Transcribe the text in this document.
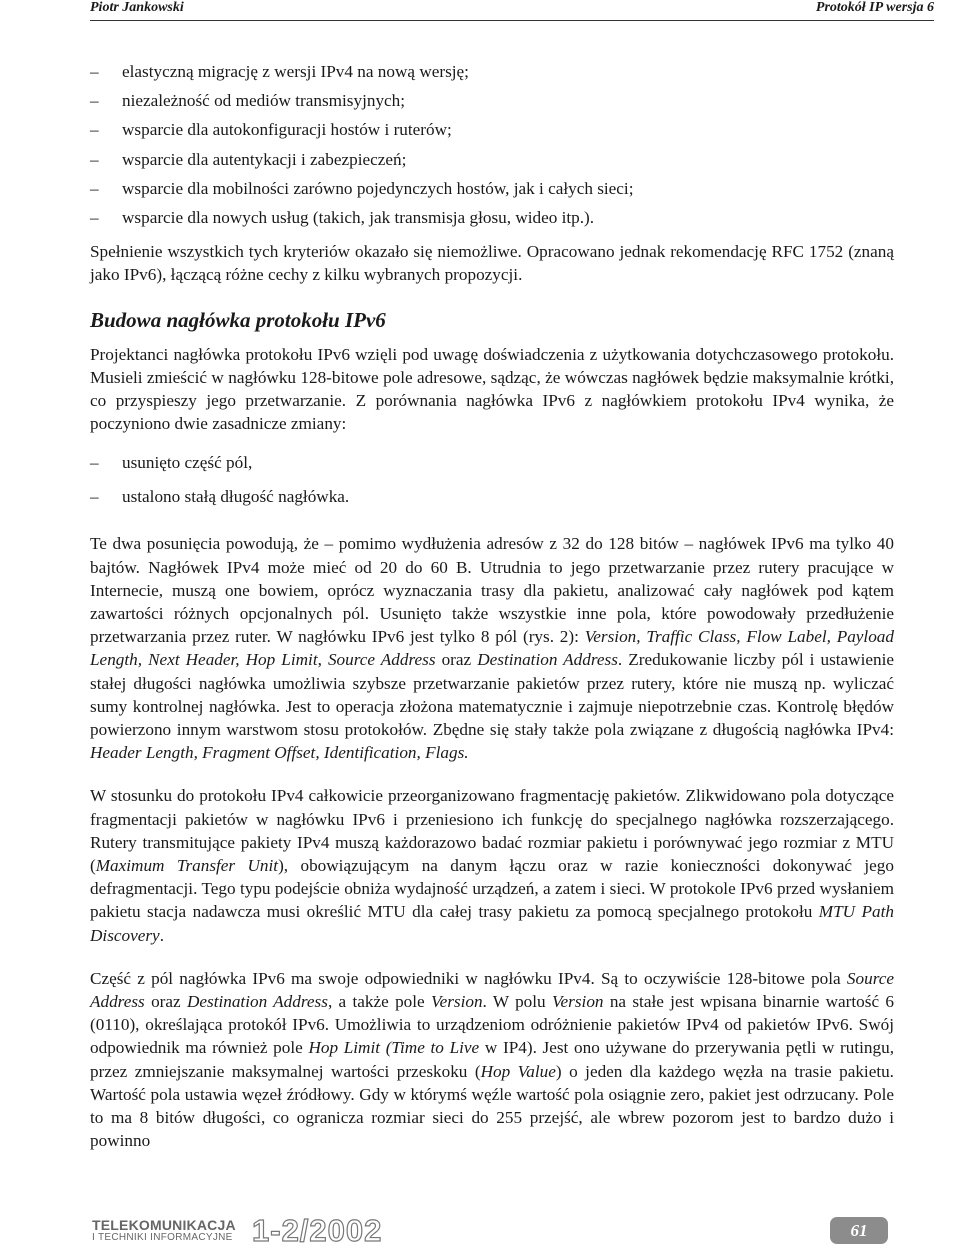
Piotr Jankowski	Protokół IP wersja 6
– elastyczną migrację z wersji IPv4 na nową wersję;
– niezależność od mediów transmisyjnych;
– wsparcie dla autokonfiguracji hostów i ruterów;
– wsparcie dla autentykacji i zabezpieczeń;
– wsparcie dla mobilności zarówno pojedynczych hostów, jak i całych sieci;
– wsparcie dla nowych usług (takich, jak transmisja głosu, wideo itp.).

Spełnienie wszystkich tych kryteriów okazało się niemożliwe. Opracowano jednak rekomendację RFC 1752 (znaną jako IPv6), łączącą różne cechy z kilku wybranych propozycji.

Budowa nagłówka protokołu IPv6

Projektanci nagłówka protokołu IPv6 wzięli pod uwagę doświadczenia z użytkowania dotychczasowego protokołu. Musieli zmieścić w nagłówku 128-bitowe pole adresowe, sądząc, że wówczas nagłówek będzie maksymalnie krótki, co przyspieszy jego przetwarzanie. Z porównania nagłówka IPv6 z nagłówkiem protokołu IPv4 wynika, że poczyniono dwie zasadnicze zmiany:

– usunięto część pól,
– ustalono stałą długość nagłówka.

Te dwa posunięcia powodują, że – pomimo wydłużenia adresów z 32 do 128 bitów – nagłówek IPv6 ma tylko 40 bajtów. Nagłówek IPv4 może mieć od 20 do 60 B. Utrudnia to jego przetwarzanie przez rutery pracujące w Internecie, muszą one bowiem, oprócz wyznaczania trasy dla pakietu, analizować cały nagłówek pod kątem zawartości różnych opcjonalnych pól. Usunięto także wszystkie inne pola, które powodowały przedłużenie przetwarzania przez ruter. W nagłówku IPv6 jest tylko 8 pól (rys. 2): Version, Traffic Class, Flow Label, Payload Length, Next Header, Hop Limit, Source Address oraz Destination Address. Zredukowanie liczby pól i ustawienie stałej długości nagłówka umożliwia szybsze przetwarzanie pakietów przez rutery, które nie muszą np. wyliczać sumy kontrolnej nagłówka. Jest to operacja złożona matematycznie i zajmuje niepotrzebnie czas. Kontrolę błędów powierzono innym warstwom stosu protokołów. Zbędne się stały także pola związane z długością nagłówka IPv4: Header Length, Fragment Offset, Identification, Flags.

W stosunku do protokołu IPv4 całkowicie przeorganizowano fragmentację pakietów. Zlikwidowano pola dotyczące fragmentacji pakietów w nagłówku IPv6 i przeniesiono ich funkcję do specjalnego nagłówka rozszerzającego. Rutery transmitujące pakiety IPv4 muszą każdorazowo badać rozmiar pakietu i porównywać jego rozmiar z MTU (Maximum Transfer Unit), obowiązującym na danym łączu oraz w razie konieczności dokonywać jego defragmentacji. Tego typu podejście obniża wydajność urządzeń, a zatem i sieci. W protokole IPv6 przed wysłaniem pakietu stacja nadawcza musi określić MTU dla całej trasy pakietu za pomocą specjalnego protokołu MTU Path Discovery.

Część z pól nagłówka IPv6 ma swoje odpowiedniki w nagłówku IPv4. Są to oczywiście 128-bitowe pola Source Address oraz Destination Address, a także pole Version. W polu Version na stałe jest wpisana binarnie wartość 6 (0110), określająca protokół IPv6. Umożliwia to urządzeniom odróżnienie pakietów IPv4 od pakietów IPv6. Swój odpowiednik ma również pole Hop Limit (Time to Live w IP4). Jest ono używane do przerywania pętli w rutingu, przez zmniejszanie maksymalnej wartości przeskoku (Hop Value) o jeden dla każdego węzła na trasie pakietu. Wartość pola ustawia węzeł źródłowy. Gdy w którymś węźle wartość pola osiągnie zero, pakiet jest odrzucany. Pole to ma 8 bitów długości, co ogranicza rozmiar sieci do 255 przejść, ale wbrew pozorom jest to bardzo dużo i powinno

TELEKOMUNIKACJA
I TECHNIKI INFORMACYJNE 1-2/2002	61
